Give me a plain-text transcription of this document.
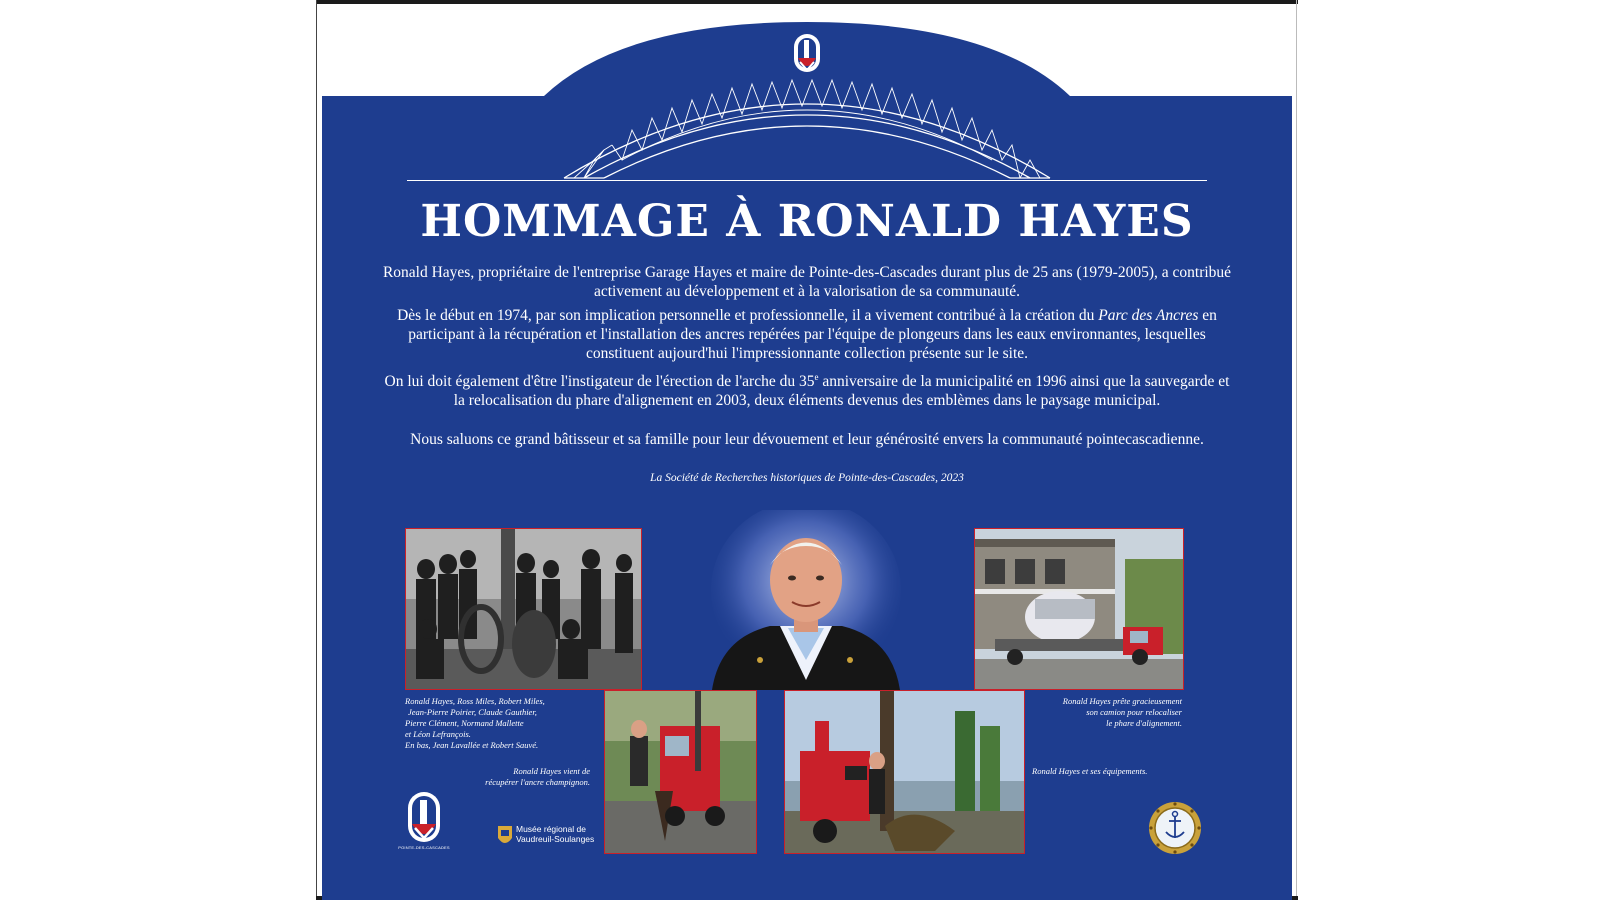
HOMMAGE À RONALD HAYES
Ronald Hayes, propriétaire de l'entreprise Garage Hayes et maire de Pointe-des-Cascades durant plus de 25 ans (1979-2005), a contribué activement au développement et à la valorisation de sa communauté.
Dès le début en 1974, par son implication personnelle et professionnelle, il a vivement contribué à la création du Parc des Ancres en participant à la récupération et l'installation des ancres repérées par l'équipe de plongeurs dans les eaux environnantes, lesquelles constituent aujourd'hui l'impressionnante collection présente sur le site.
On lui doit également d'être l'instigateur de l'érection de l'arche du 35e anniversaire de la municipalité en 1996 ainsi que la sauvegarde et la relocalisation du phare d'alignement en 2003, deux éléments devenus des emblèmes dans le paysage municipal.
Nous saluons ce grand bâtisseur et sa famille pour leur dévouement et leur générosité envers la communauté pointecascadienne.
La Société de Recherches historiques de Pointe-des-Cascades, 2023
Ronald Hayes, Ross Miles, Robert Miles,
Jean-Pierre Poirier, Claude Gauthier,
Pierre Clément, Normand Mallette
et Léon Lefrançois.
En bas, Jean Lavallée et Robert Sauvé.
Ronald Hayes vient de
récupérer l'ancre champignon.
Ronald Hayes prête gracieusement
son camion pour relocaliser
le phare d'alignement.
Ronald Hayes et ses équipements.
POINTE-DES-CASCADES
Musée régional de
Vaudreuil-Soulanges
